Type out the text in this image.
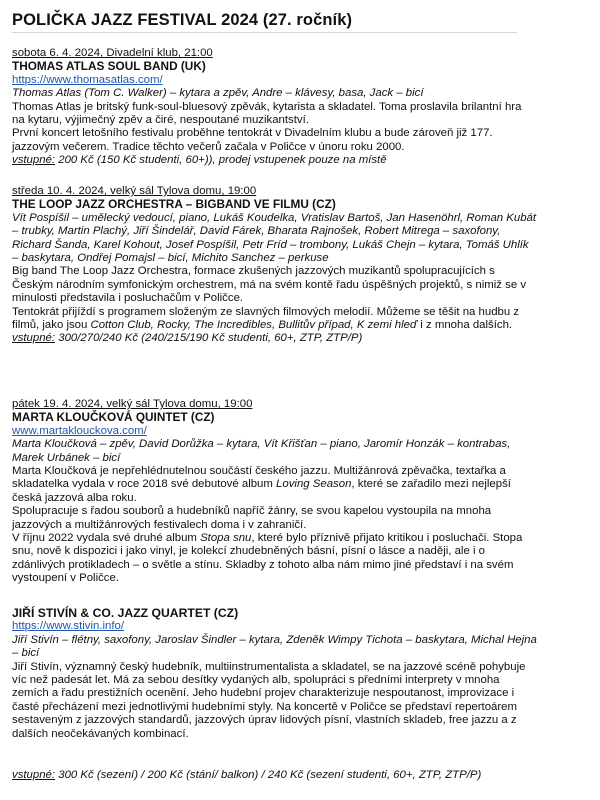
POLIČKA JAZZ FESTIVAL 2024 (27. ročník)

sobota 6. 4. 2024, Divadelní klub, 21:00

THOMAS ATLAS SOUL BAND (UK)

https://www.thomasatlas.com/

Thomas Atlas (Tom C. Walker) – kytara a zpěv, Andre – klávesy, basa, Jack – bicí

Thomas Atlas je britský funk-soul-bluesový zpěvák, kytarista a skladatel. Toma proslavila brilantní hra na kytaru, výjimečný zpěv a čiré, nespoutané muzikantství.

První koncert letošního festivalu proběhne tentokrát v Divadelním klubu a bude zároveň již 177. jazzovým večerem. Tradice těchto večerů začala v Poličce v únoru roku 2000.

vstupné: 200 Kč (150 Kč studenti, 60+)), prodej vstupenek pouze na místě

středa 10. 4. 2024, velký sál Tylova domu, 19:00

THE LOOP JAZZ ORCHESTRA – BIGBAND VE FILMU (CZ)

Vít Pospíšil – umělecký vedoucí, piano, Lukáš Koudelka, Vratislav Bartoš, Jan Hasenöhrl, Roman Kubát – trubky, Martin Plachý, Jiří Šindelář, David Fárek, Bharata Rajnošek, Robert Mitrega – saxofony, Richard Šanda, Karel Kohout, Josef Pospíšil, Petr Fríd – trombony, Lukáš Chejn – kytara, Tomáš Uhlík – baskytara, Ondřej Pomajsl – bicí, Michito Sanchez – perkuse

Big band The Loop Jazz Orchestra, formace zkušených jazzových muzikantů spolupracujících s Českým národním symfonickým orchestrem, má na svém kontě řadu úspěšných projektů, s nimiž se v minulosti představila i posluchačům v Poličce.

Tentokrát přijíždí s programem složeným ze slavných filmových melodií. Můžeme se těšit na hudbu z filmů, jako jsou Cotton Club, Rocky, The Incredibles, Bullitův případ, K zemi hleď i z mnoha dalších.

vstupné: 300/270/240 Kč (240/215/190 Kč studenti, 60+, ZTP, ZTP/P)

pátek 19. 4. 2024, velký sál Tylova domu, 19:00

MARTA KLOUČKOVÁ QUINTET (CZ)

www.martaklouckova.com/

Marta Kloučková – zpěv, David Dorůžka – kytara, Vít Křišťan – piano, Jaromír Honzák – kontrabas, Marek Urbánek – bicí

Marta Kloučková je nepřehlédnutelnou součástí českého jazzu. Multižánrová zpěvačka, textařka a skladatelka vydala v roce 2018 své debutové album Loving Season, které se zařadilo mezi nejlepší česká jazzová alba roku.

Spolupracuje s řadou souborů a hudebníků napříč žánry, se svou kapelou vystoupila na mnoha jazzových a multižánrových festivalech doma i v zahraničí.

V říjnu 2022 vydala své druhé album Stopa snu, které bylo příznivě přijato kritikou i posluchači. Stopa snu, nově k dispozici i jako vinyl, je kolekcí zhudebněných básní, písní o lásce a naději, ale i o zdánlivých protikladech – o světle a stínu. Skladby z tohoto alba nám mimo jiné představí i na svém vystoupení v Poličce.

JIŘÍ STIVÍN & CO. JAZZ QUARTET (CZ)

https://www.stivin.info/

Jiří Stivín – flétny, saxofony, Jaroslav Šindler – kytara, Zdeněk Wimpy Tichota – baskytara, Michal Hejna – bicí

Jiří Stivín, významný český hudebník, multiinstrumentalista a skladatel, se na jazzové scéně pohybuje víc než padesát let. Má za sebou desítky vydaných alb, spolupráci s předními interprety v mnoha zemích a řadu prestižních ocenění. Jeho hudební projev charakterizuje nespoutanost, improvizace i časté přecházení mezi jednotlivými hudebními styly. Na koncertě v Poličce se představí repertoárem sestaveným z jazzových standardů, jazzových úprav lidových písní, vlastních skladeb, free jazzu a z dalších neočekávaných kombinací.

vstupné: 300 Kč (sezení) / 200 Kč (stání/ balkon) / 240 Kč (sezení studenti, 60+, ZTP, ZTP/P)
